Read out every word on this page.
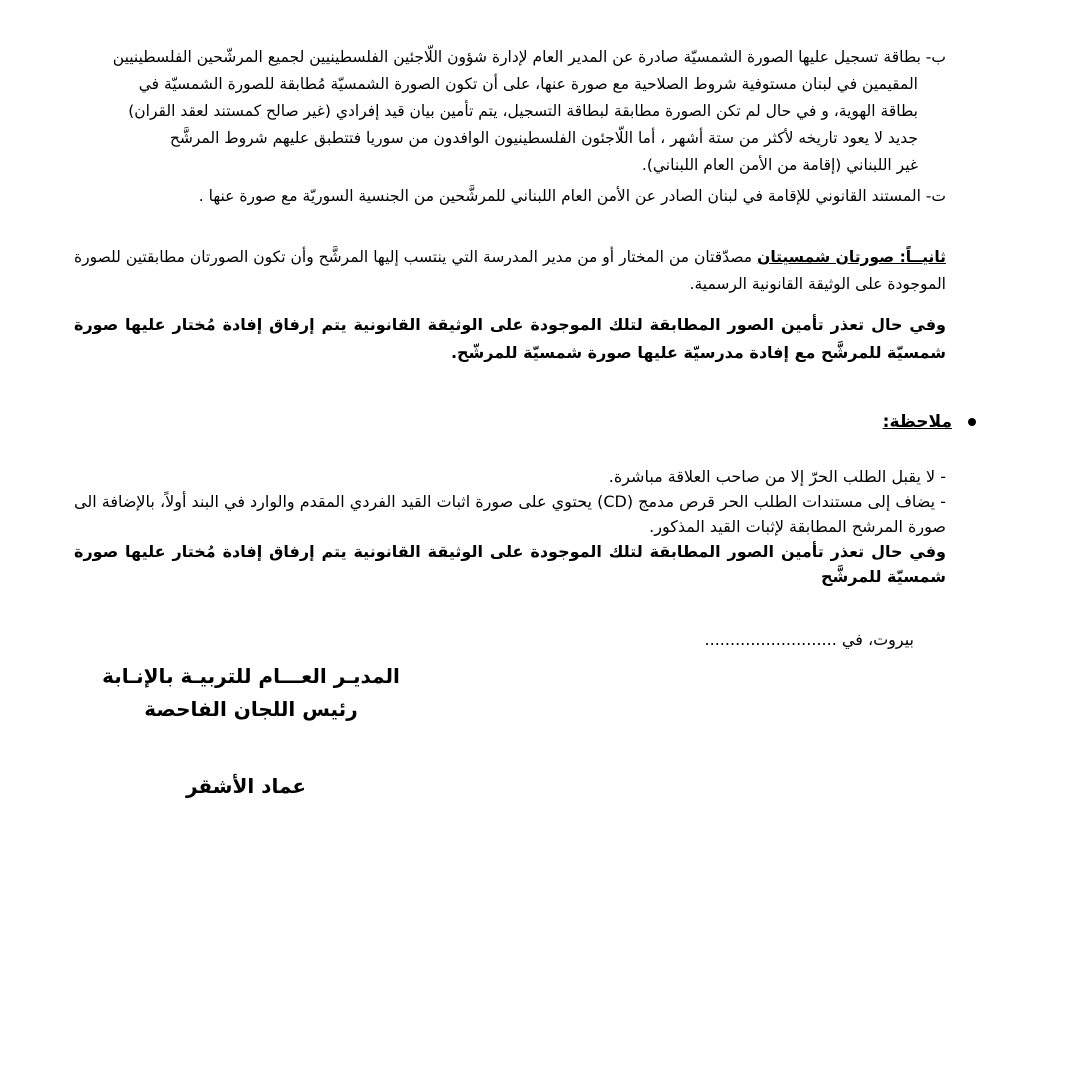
ب- بطاقة تسجيل عليها الصورة الشمسيّة صادرة عن المدير العام لإدارة شؤون اللّاجئين الفلسطينيين لجميع المرشّحين الفلسطينيين

المقيمين في لبنان مستوفية شروط الصلاحية مع صورة عنها، على أن تكون الصورة الشمسيّة مُطابقة للصورة الشمسيّة في

بطاقة الهوية، و في حال لم تكن الصورة مطابقة لبطاقة التسجيل، يتم تأمين بيان قيد إفرادي (غير صالح كمستند لعقد القران)

جديد لا يعود تاريخه لأكثر من ستة أشهر ، أما اللّاجئون الفلسطينيون الوافدون من سوريا فتتطبق عليهم شروط المرشَّح

غير اللبناني (إقامة من الأمن العام اللبناني).

ت- المستند القانوني للإقامة في لبنان الصادر عن الأمن العام اللبناني للمرشَّحين من الجنسية السوريّة مع صورة عنها .

ثانيــاً: صورتان شمسيتان مصدّقتان من المختار أو من مدير المدرسة التي ينتسب إليها المرشَّح وأن تكون الصورتان مطابقتين للصورة الموجودة على الوثيقة القانونية الرسمية.

وفي حال تعذر تأمين الصور المطابقة لتلك الموجودة على الوثيقة القانونية يتم إرفاق إفادة مُختار عليها صورة شمسيّة للمرشَّح مع إفادة مدرسيّة عليها صورة شمسيّة للمرشّح.
ملاحظة:

- لا يقبل الطلب الحرّ إلا من صاحب العلاقة مباشرة.

- يضاف إلى مستندات الطلب الحر قرص مدمج (CD) يحتوي على صورة اثبات القيد الفردي المقدم والوارد في البند أولاً، بالإضافة الى صورة المرشح المطابقة لإثبات القيد المذكور.

وفي حال تعذر تأمين الصور المطابقة لتلك الموجودة على الوثيقة القانونية يتم إرفاق إفادة مُختار عليها صورة شمسيّة للمرشَّح

بيروت، في ..........................
المديـر العـــام للتربيـة بالإنـابة
رئيس اللجان الفاحصة
عماد الأشقر
